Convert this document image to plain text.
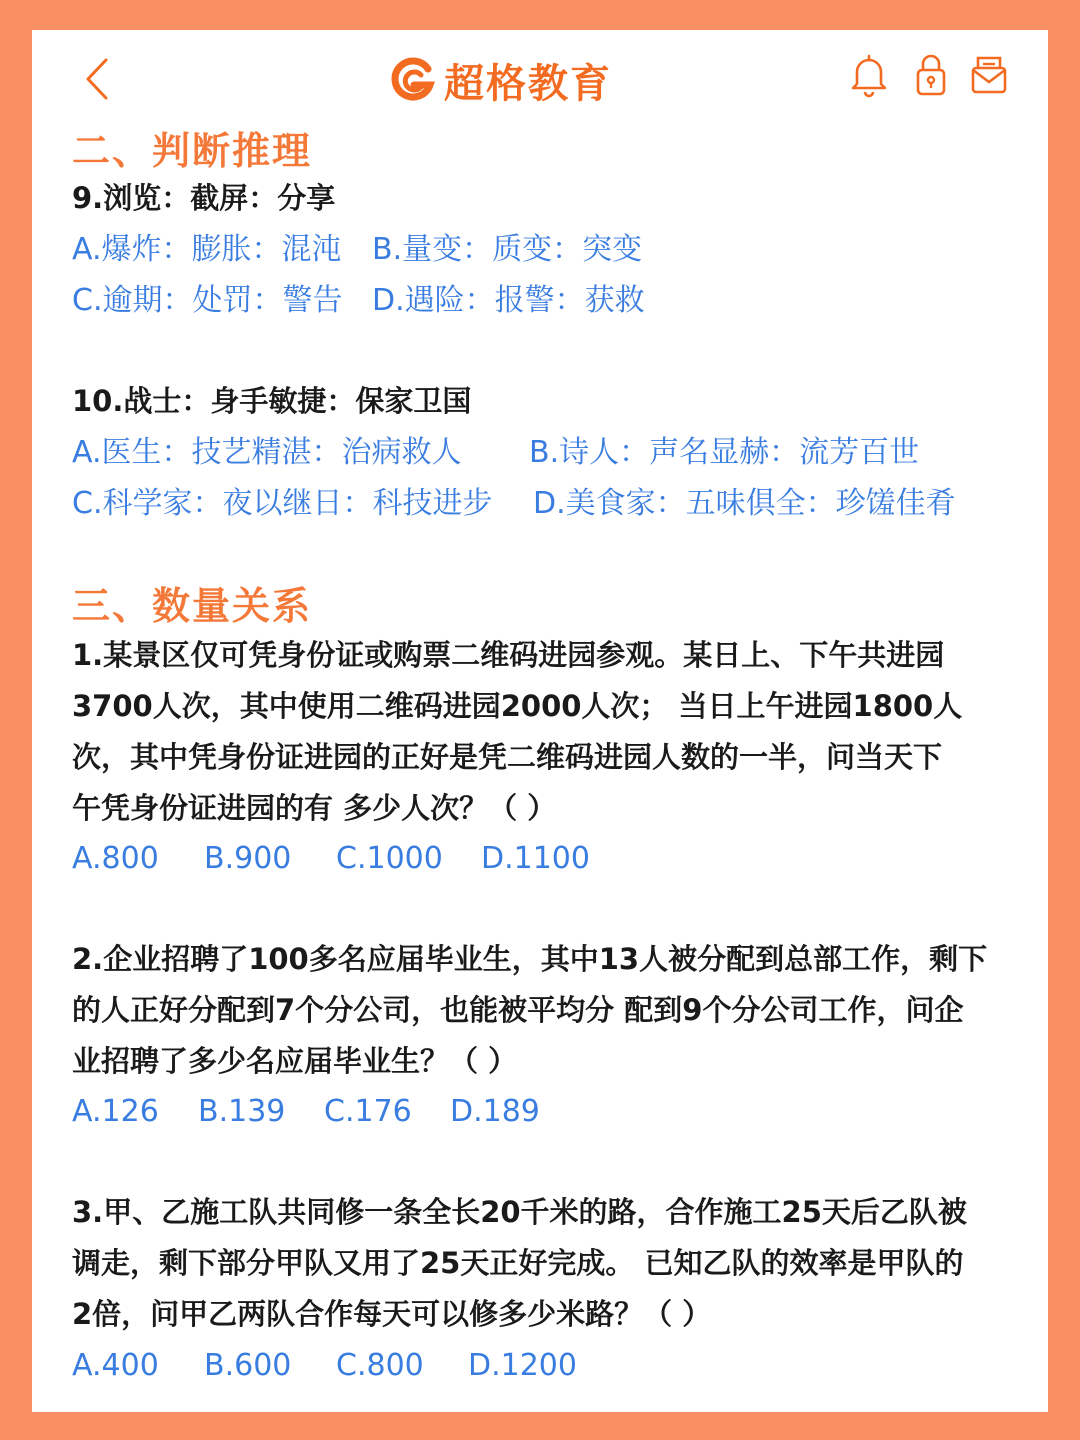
超格教育
二、判断推理
9.浏览：截屏：分享
A.爆炸：膨胀：混沌 B.量变：质变：突变
C.逾期：处罚：警告 D.遇险：报警：获救
10.战士：身手敏捷：保家卫国
A.医生：技艺精湛：治病救人 B.诗人：声名显赫：流芳百世
C.科学家：夜以继日：科技进步 D.美食家：五味俱全：珍馐佳肴
三、数量关系
1.某景区仅可凭身份证或购票二维码进园参观。某日上、下午共进园
3700人次，其中使用二维码进园2000人次； 当日上午进园1800人
次，其中凭身份证进园的正好是凭二维码进园人数的一半，问当天下
午凭身份证进园的有 多少人次？（ ）
A.800 B.900 C.1000 D.1100
2.企业招聘了100多名应届毕业生，其中13人被分配到总部工作，剩下
的人正好分配到7个分公司，也能被平均分 配到9个分公司工作，问企
业招聘了多少名应届毕业生？（ ）
A.126 B.139 C.176 D.189
3.甲、乙施工队共同修一条全长20千米的路，合作施工25天后乙队被
调走，剩下部分甲队又用了25天正好完成。 已知乙队的效率是甲队的
2倍，问甲乙两队合作每天可以修多少米路？（ ）
A.400 B.600 C.800 D.1200
